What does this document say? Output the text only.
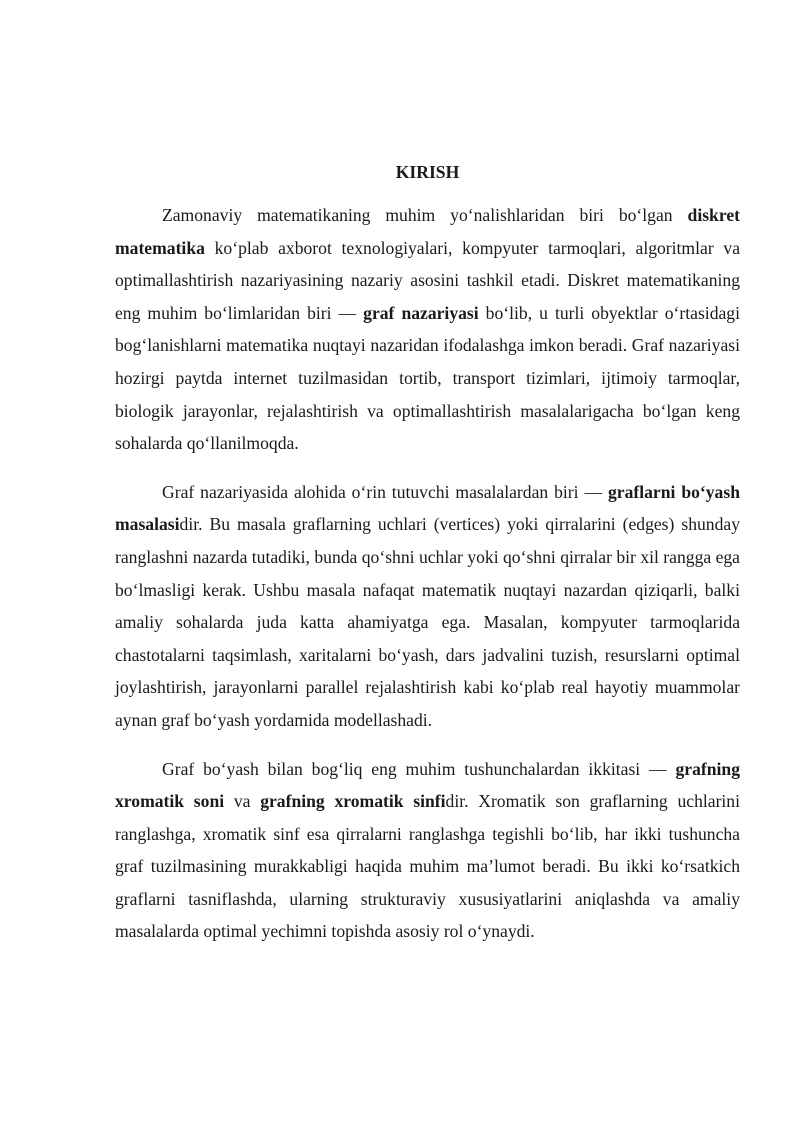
KIRISH

Zamonaviy matematikaning muhim yo‘nalishlaridan biri bo‘lgan diskret matematika ko‘plab axborot texnologiyalari, kompyuter tarmoqlari, algoritmlar va optimallashtirish nazariyasining nazariy asosini tashkil etadi. Diskret matematikaning eng muhim bo‘limlaridan biri — graf nazariyasi bo‘lib, u turli obyektlar o‘rtasidagi bog‘lanishlarni matematika nuqtayi nazaridan ifodalashga imkon beradi. Graf nazariyasi hozirgi paytda internet tuzilmasidan tortib, transport tizimlari, ijtimoiy tarmoqlar, biologik jarayonlar, rejalashtirish va optimallashtirish masalalarigacha bo‘lgan keng sohalarda qo‘llanilmoqda.

Graf nazariyasida alohida o‘rin tutuvchi masalalardan biri — graflarni bo‘yash masalasidir. Bu masala graflarning uchlari (vertices) yoki qirralarini (edges) shunday ranglashni nazarda tutadiki, bunda qo‘shni uchlar yoki qo‘shni qirralar bir xil rangga ega bo‘lmasligi kerak. Ushbu masala nafaqat matematik nuqtayi nazardan qiziqarli, balki amaliy sohalarda juda katta ahamiyatga ega. Masalan, kompyuter tarmoqlarida chastotalarni taqsimlash, xaritalarni bo‘yash, dars jadvalini tuzish, resurslarni optimal joylashtirish, jarayonlarni parallel rejalashtirish kabi ko‘plab real hayotiy muammolar aynan graf bo‘yash yordamida modellashadi.

Graf bo‘yash bilan bog‘liq eng muhim tushunchalardan ikkitasi — grafning xromatik soni va grafning xromatik sinfidir. Xromatik son graflarning uchlarini ranglashga, xromatik sinf esa qirralarni ranglashga tegishli bo‘lib, har ikki tushuncha graf tuzilmasining murakkabligi haqida muhim ma’lumot beradi. Bu ikki ko‘rsatkich graflarni tasniflashda, ularning strukturaviy xususiyatlarini aniqlashda va amaliy masalalarda optimal yechimni topishda asosiy rol o‘ynaydi.
